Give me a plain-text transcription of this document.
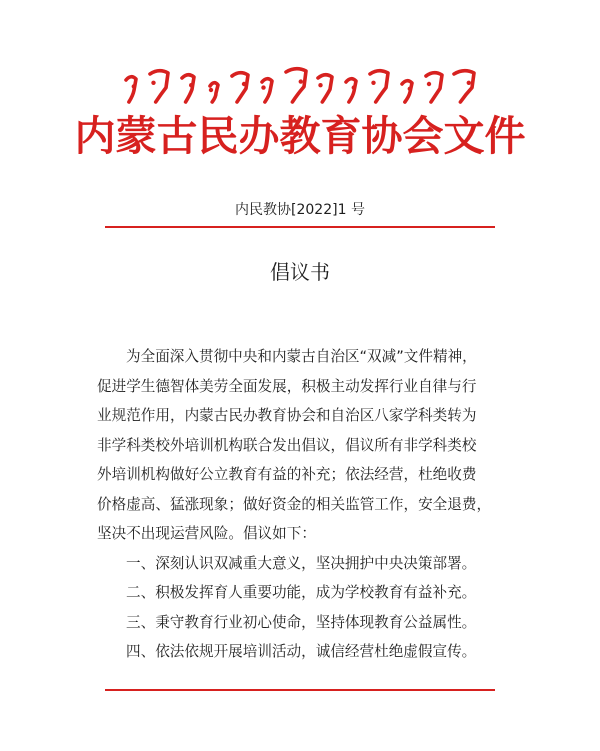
内蒙古民办教育协会文件
内民教协[2022]1 号
倡议书

为全面深入贯彻中央和内蒙古自治区“双减”文件精神，

促进学生德智体美劳全面发展，积极主动发挥行业自律与行

业规范作用，内蒙古民办教育协会和自治区八家学科类转为

非学科类校外培训机构联合发出倡议，倡议所有非学科类校

外培训机构做好公立教育有益的补充；依法经营，杜绝收费

价格虚高、猛涨现象；做好资金的相关监管工作，安全退费，

坚决不出现运营风险。倡议如下：

一、深刻认识双减重大意义，坚决拥护中央决策部署。

二、积极发挥育人重要功能，成为学校教育有益补充。

三、秉守教育行业初心使命，坚持体现教育公益属性。

四、依法依规开展培训活动，诚信经营杜绝虚假宣传。
